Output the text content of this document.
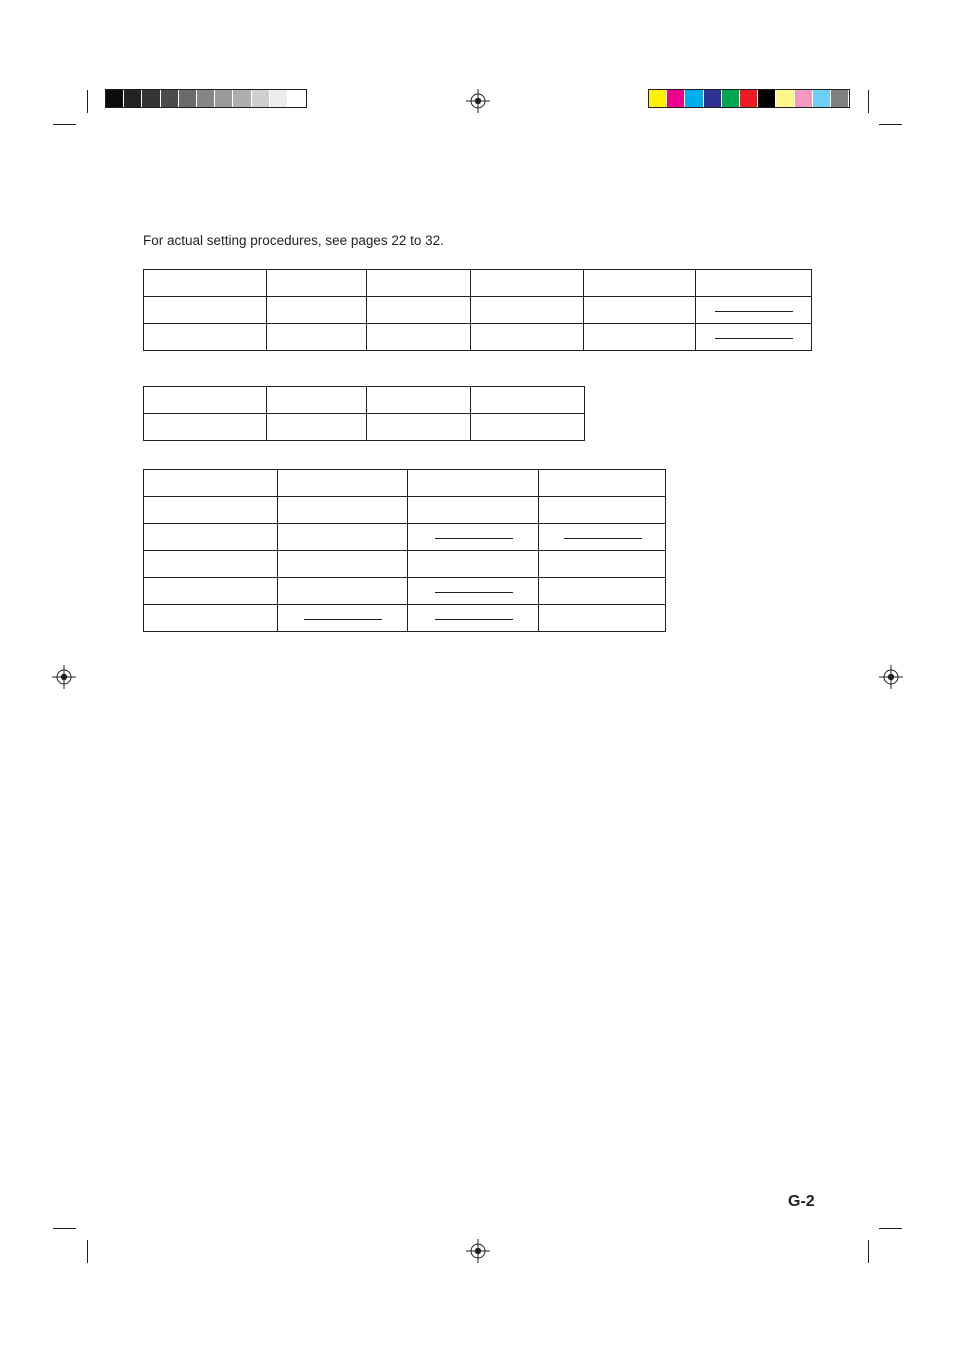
For actual setting procedures, see pages 22 to 32.

G-2
